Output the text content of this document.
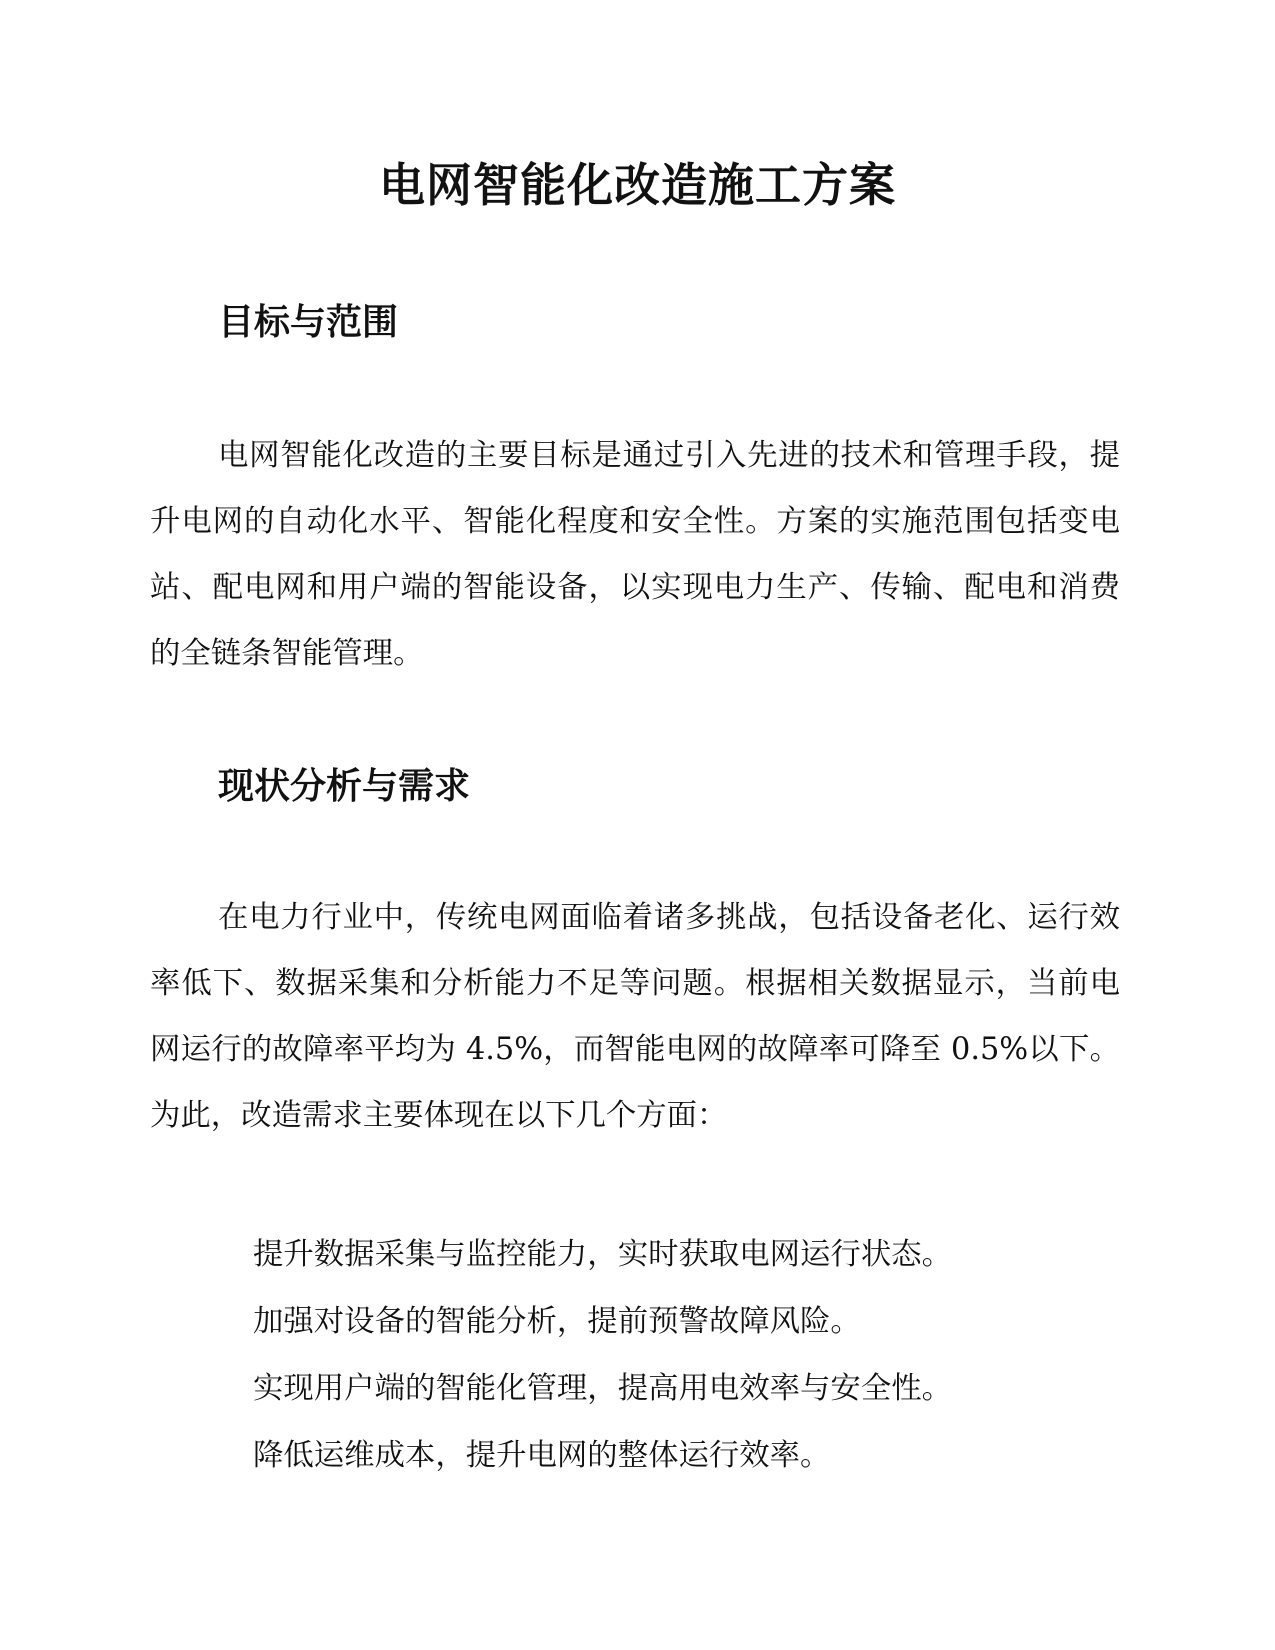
电网智能化改造施工方案
目标与范围

电网智能化改造的主要目标是通过引入先进的技术和管理手段，提升电网的自动化水平、智能化程度和安全性。方案的实施范围包括变电站、配电网和用户端的智能设备，以实现电力生产、传输、配电和消费的全链条智能管理。

现状分析与需求

在电力行业中，传统电网面临着诸多挑战，包括设备老化、运行效率低下、数据采集和分析能力不足等问题。根据相关数据显示，当前电网运行的故障率平均为 4.5%，而智能电网的故障率可降至 0.5%以下。为此，改造需求主要体现在以下几个方面：

提升数据采集与监控能力，实时获取电网运行状态。
加强对设备的智能分析，提前预警故障风险。
实现用户端的智能化管理，提高用电效率与安全性。
降低运维成本，提升电网的整体运行效率。
